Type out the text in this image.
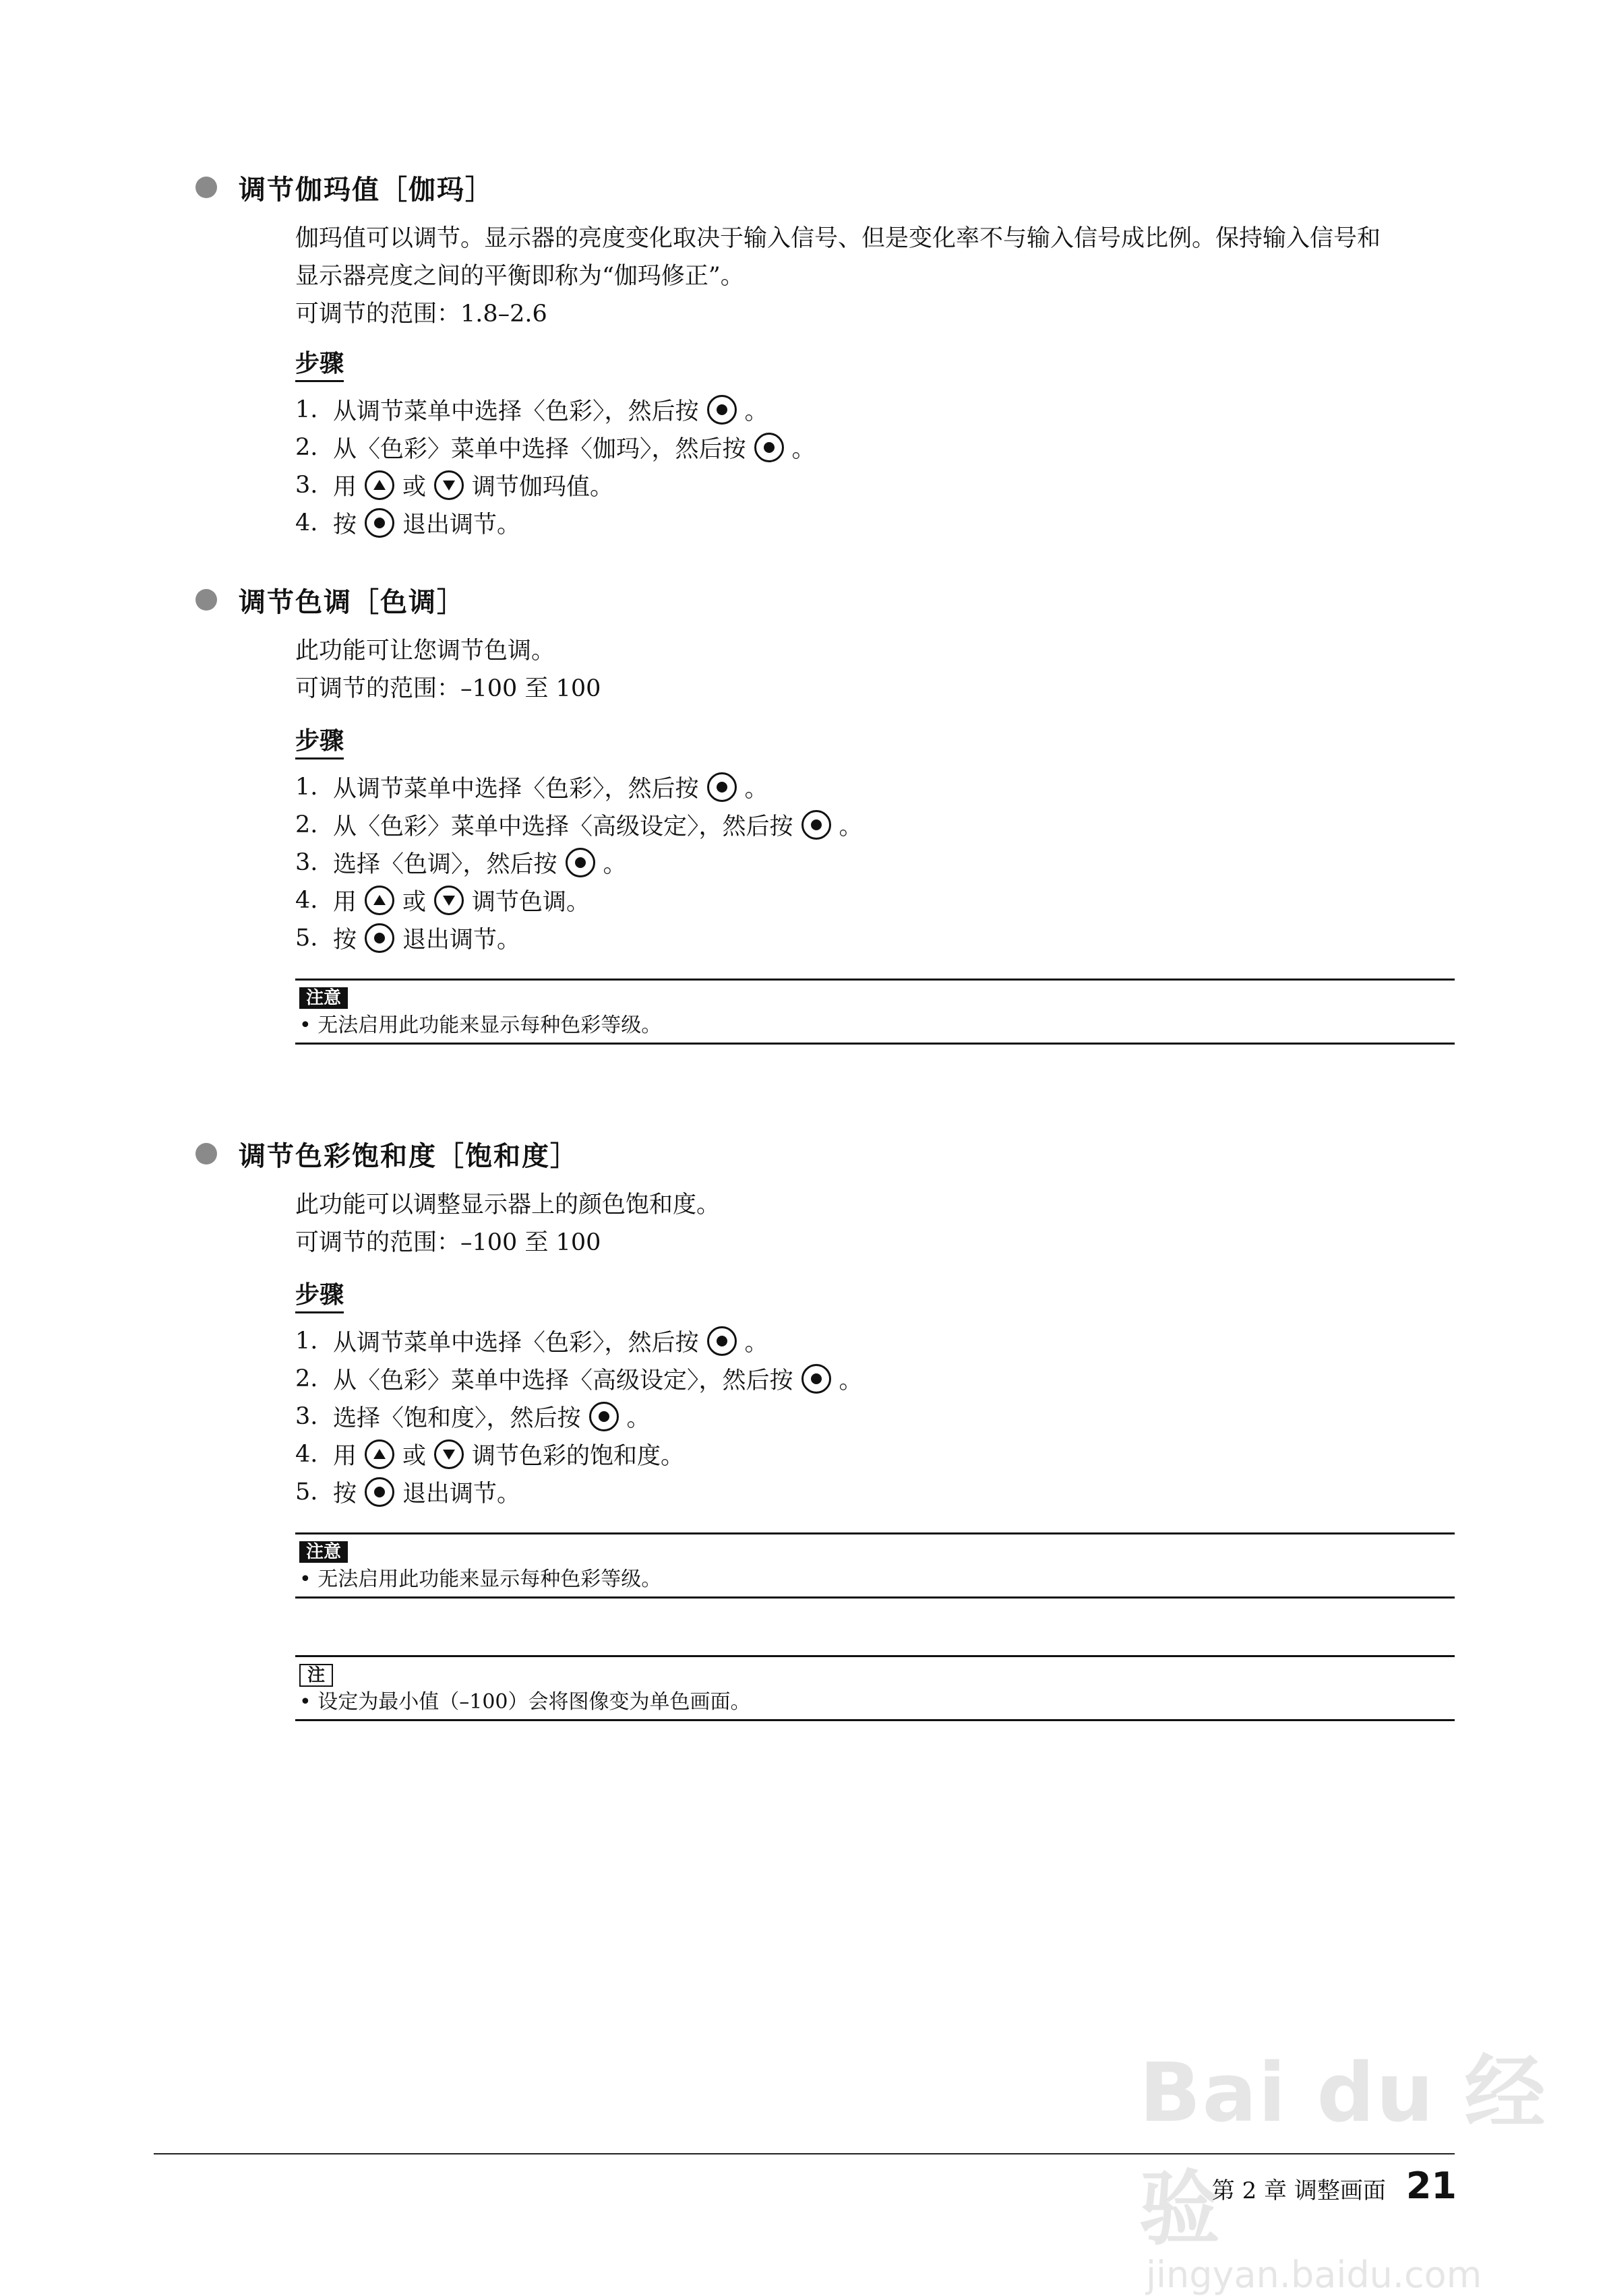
调节伽玛值［伽玛］
伽玛值可以调节。显示器的亮度变化取决于输入信号、但是变化率不与输入信号成比例。保持输入信号和
显示器亮度之间的平衡即称为“伽玛修正”。
可调节的范围：1.8–2.6
步骤
1. 从调节菜单中选择〈色彩〉，然后按 。
2. 从〈色彩〉菜单中选择〈伽玛〉，然后按 。
3. 用 或 调节伽玛值。
4. 按 退出调节。
调节色调［色调］
此功能可让您调节色调。
可调节的范围：–100 至 100
步骤
1. 从调节菜单中选择〈色彩〉，然后按 。
2. 从〈色彩〉菜单中选择〈高级设定〉，然后按 。
3. 选择〈色调〉，然后按 。
4. 用 或 调节色调。
5. 按 退出调节。
注意
• 无法启用此功能来显示每种色彩等级。
调节色彩饱和度［饱和度］
此功能可以调整显示器上的颜色饱和度。
可调节的范围：–100 至 100
步骤
1. 从调节菜单中选择〈色彩〉，然后按 。
2. 从〈色彩〉菜单中选择〈高级设定〉，然后按 。
3. 选择〈饱和度〉，然后按 。
4. 用 或 调节色彩的饱和度。
5. 按 退出调节。
注意
• 无法启用此功能来显示每种色彩等级。
注
• 设定为最小值（–100）会将图像变为单色画面。
Bai du 经验
jingyan.baidu.com
第 2 章 调整画面 21
